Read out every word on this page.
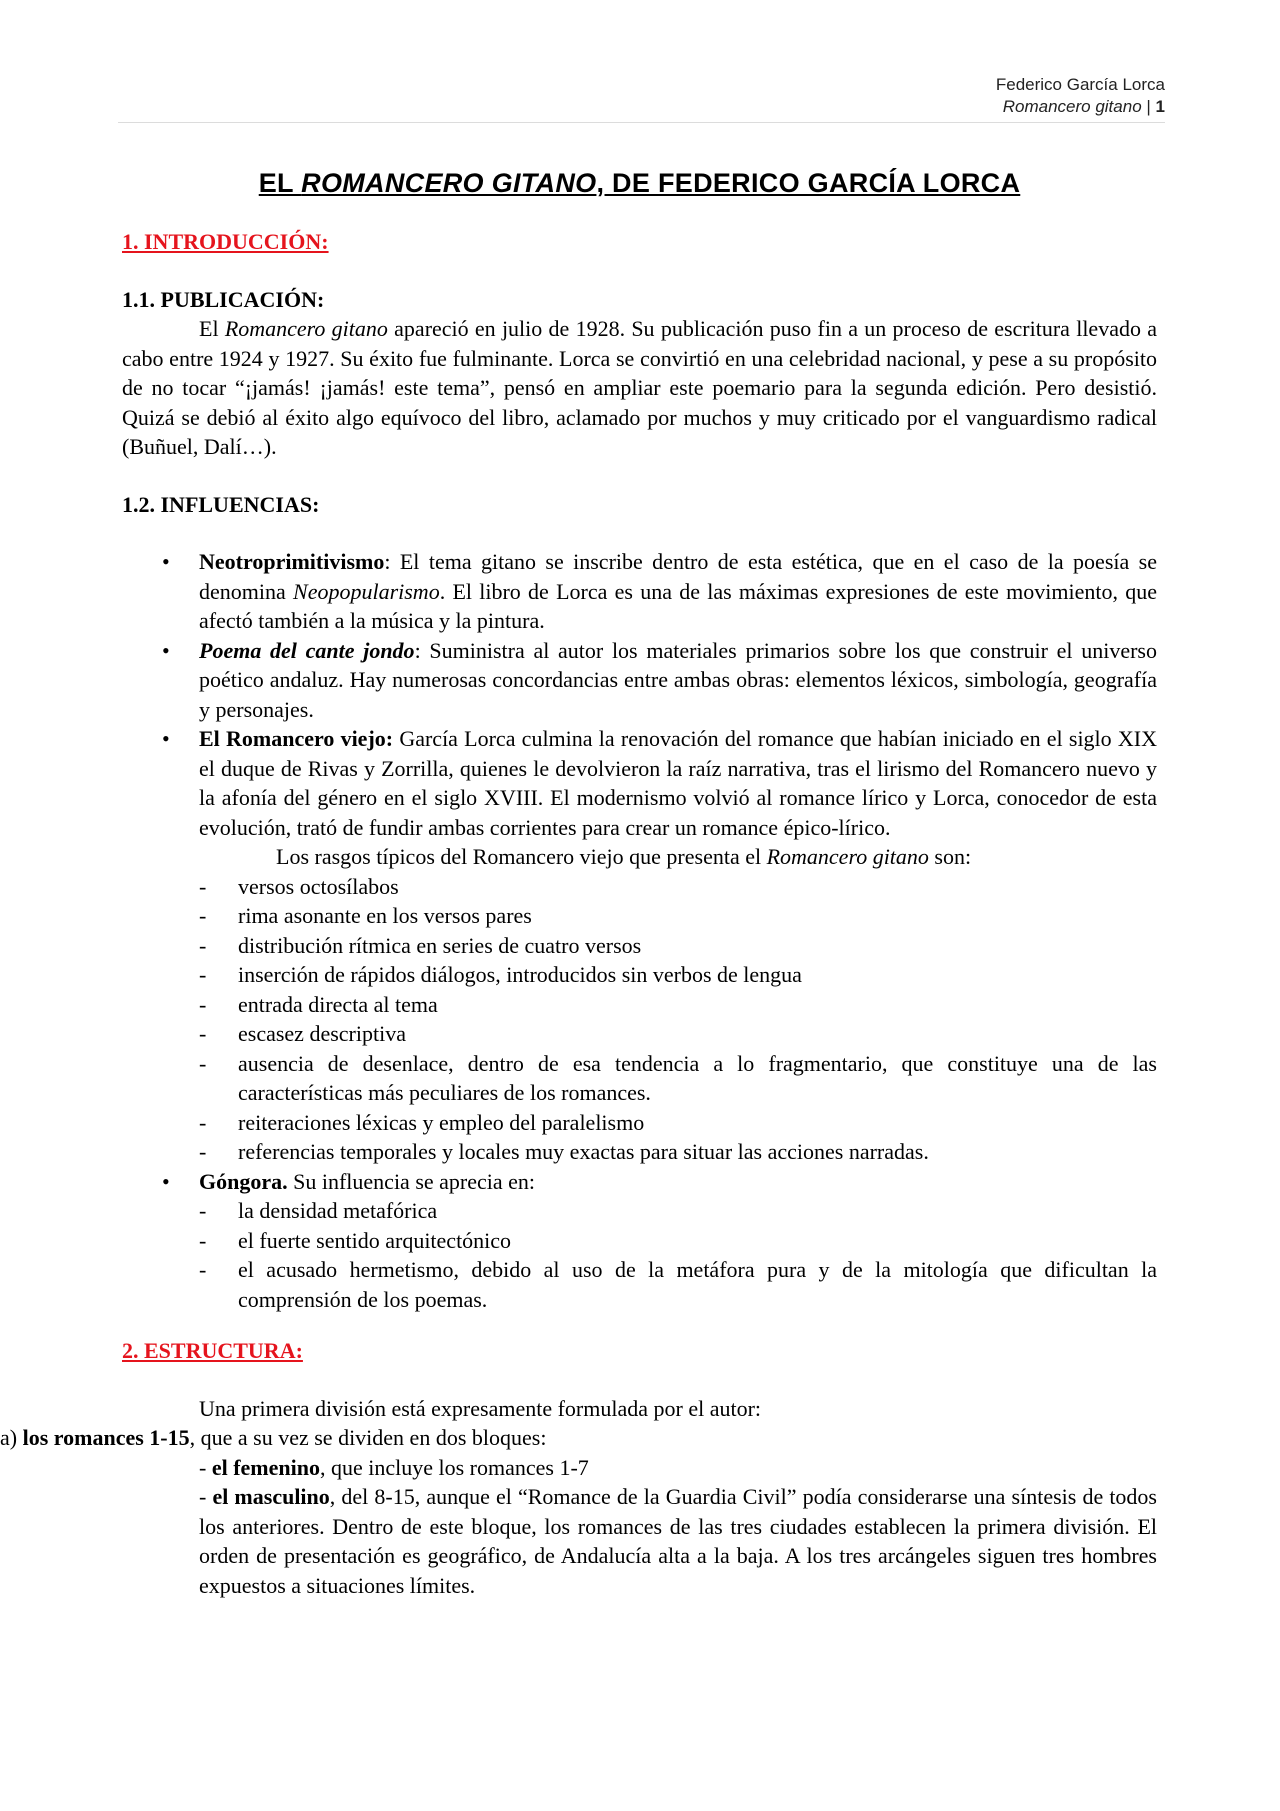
Federico García Lorca
Romancero gitano | 1
EL ROMANCERO GITANO, DE FEDERICO GARCÍA LORCA

1. INTRODUCCIÓN:

1.1. PUBLICACIÓN:

El Romancero gitano apareció en julio de 1928. Su publicación puso fin a un proceso de escritura llevado a cabo entre 1924 y 1927. Su éxito fue fulminante. Lorca se convirtió en una celebridad nacional, y pese a su propósito de no tocar “¡jamás! ¡jamás! este tema”, pensó en ampliar este poemario para la segunda edición. Pero desistió. Quizá se debió al éxito algo equívoco del libro, aclamado por muchos y muy criticado por el vanguardismo radical (Buñuel, Dalí…).

1.2. INFLUENCIAS:

• Neotroprimitivismo: El tema gitano se inscribe dentro de esta estética, que en el caso de la poesía se denomina Neopopularismo. El libro de Lorca es una de las máximas expresiones de este movimiento, que afectó también a la música y la pintura.
• Poema del cante jondo: Suministra al autor los materiales primarios sobre los que construir el universo poético andaluz. Hay numerosas concordancias entre ambas obras: elementos léxicos, simbología, geografía y personajes.
• El Romancero viejo: García Lorca culmina la renovación del romance que habían iniciado en el siglo XIX el duque de Rivas y Zorrilla, quienes le devolvieron la raíz narrativa, tras el lirismo del Romancero nuevo y la afonía del género en el siglo XVIII. El modernismo volvió al romance lírico y Lorca, conocedor de esta evolución, trató de fundir ambas corrientes para crear un romance épico-lírico.
Los rasgos típicos del Romancero viejo que presenta el Romancero gitano son:
- versos octosílabos
- rima asonante en los versos pares
- distribución rítmica en series de cuatro versos
- inserción de rápidos diálogos, introducidos sin verbos de lengua
- entrada directa al tema
- escasez descriptiva
- ausencia de desenlace, dentro de esa tendencia a lo fragmentario, que constituye una de las características más peculiares de los romances.
- reiteraciones léxicas y empleo del paralelismo
- referencias temporales y locales muy exactas para situar las acciones narradas.
• Góngora. Su influencia se aprecia en:
- la densidad metafórica
- el fuerte sentido arquitectónico
- el acusado hermetismo, debido al uso de la metáfora pura y de la mitología que dificultan la comprensión de los poemas.

2. ESTRUCTURA:

Una primera división está expresamente formulada por el autor:

a) los romances 1-15, que a su vez se dividen en dos bloques:

- el femenino, que incluye los romances 1-7

- el masculino, del 8-15, aunque el “Romance de la Guardia Civil” podía considerarse una síntesis de todos los anteriores. Dentro de este bloque, los romances de las tres ciudades establecen la primera división. El orden de presentación es geográfico, de Andalucía alta a la baja. A los tres arcángeles siguen tres hombres expuestos a situaciones límites.
